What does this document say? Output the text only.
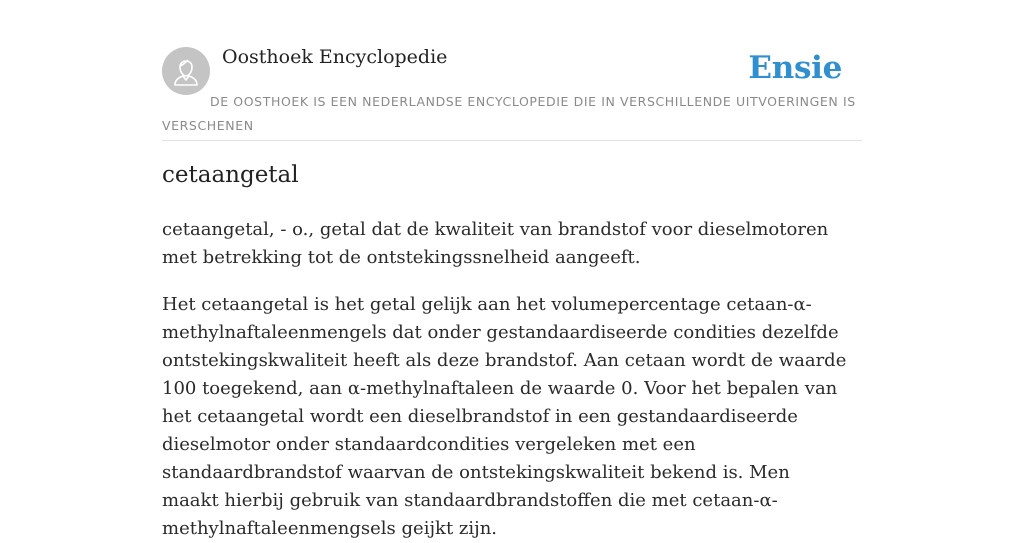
Oosthoek Encyclopedie	Ensie
DE OOSTHOEK IS EEN NEDERLANDSE ENCYCLOPEDIE DIE IN VERSCHILLENDE UITVOERINGEN IS VERSCHENEN
cetaangetal

cetaangetal, - o., getal dat de kwaliteit van brandstof voor dieselmotoren met betrekking tot de ontstekingssnelheid aangeeft.

Het cetaangetal is het getal gelijk aan het volumepercentage cetaan-α-methylnaftaleenmengels dat onder gestandaardiseerde condities dezelfde ontstekingskwaliteit heeft als deze brandstof. Aan cetaan wordt de waarde 100 toegekend, aan α-methylnaftaleen de waarde 0. Voor het bepalen van het cetaangetal wordt een dieselbrandstof in een gestandaardiseerde dieselmotor onder standaardcondities vergeleken met een standaardbrandstof waarvan de ontstekingskwaliteit bekend is. Men maakt hierbij gebruik van standaardbrandstoffen die met cetaan-α-methylnaftaleenmengsels geijkt zijn.
